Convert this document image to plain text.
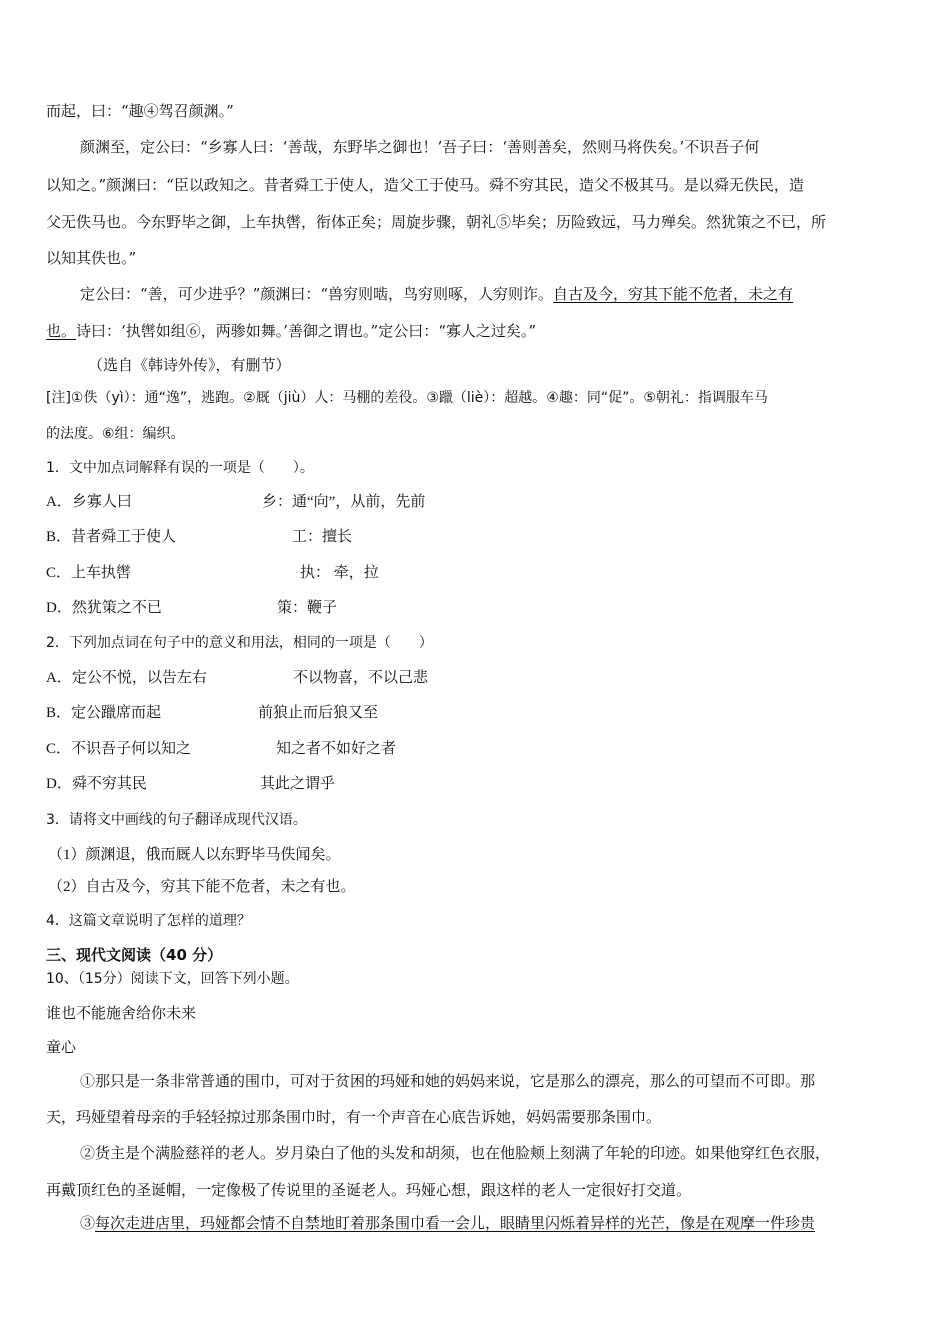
而起，曰：“趣④驾召颜渊。”
颜渊至，定公曰：“乡寡人曰：‘善哉，东野毕之御也！’吾子曰：‘善则善矣，然则马将佚矣。’不识吾子何
以知之。”颜渊曰：“臣以政知之。昔者舜工于使人，造父工于使马。舜不穷其民，造父不极其马。是以舜无佚民，造
父无佚马也。今东野毕之御，上车执辔，衔体正矣；周旋步骤，朝礼⑤毕矣；历险致远，马力殚矣。然犹策之不已，所
以知其佚也。”
定公曰：“善，可少进乎？”颜渊曰：“兽穷则啮，鸟穷则啄，人穷则诈。自古及今，穷其下能不危者，未之有
也。诗曰：‘执辔如组⑥，两骖如舞。’善御之谓也。”定公曰：“寡人之过矣。”
（选自《韩诗外传》，有删节）
[注]①佚（yì）：通“逸”，逃跑。②厩（jiù）人：马棚的差役。③躐（liè）：超越。④趣：同“促”。⑤朝礼：指调服车马
的法度。⑥组：编织。
1．文中加点词解释有误的一项是（　　）。
A．乡寡人曰	乡：通“向”，从前，先前
B．昔者舜工于使人	工：擅长
C．上车执辔	执： 牵，拉
D．然犹策之不已	策：鞭子
2．下列加点词在句子中的意义和用法，相同的一项是（　　）
A．定公不悦，以告左右	不以物喜，不以己悲
B．定公躐席而起	前狼止而后狼又至
C．不识吾子何以知之	知之者不如好之者
D．舜不穷其民	其此之谓乎
3．请将文中画线的句子翻译成现代汉语。
（1）颜渊退，俄而厩人以东野毕马佚闻矣。
（2）自古及今，穷其下能不危者，未之有也。
4．这篇文章说明了怎样的道理？
三、现代文阅读（40 分）
10、（15分）阅读下文，回答下列小题。
谁也不能施舍给你未来
童心
①那只是一条非常普通的围巾，可对于贫困的玛娅和她的妈妈来说，它是那么的漂亮，那么的可望而不可即。那
天，玛娅望着母亲的手轻轻掠过那条围巾时，有一个声音在心底告诉她，妈妈需要那条围巾。
②货主是个满脸慈祥的老人。岁月染白了他的头发和胡须，也在他脸颊上刻满了年轮的印迹。如果他穿红色衣服，
再戴顶红色的圣诞帽，一定像极了传说里的圣诞老人。玛娅心想，跟这样的老人一定很好打交道。
③每次走进店里，玛娅都会情不自禁地盯着那条围巾看一会儿，眼睛里闪烁着异样的光芒，像是在观摩一件珍贵
